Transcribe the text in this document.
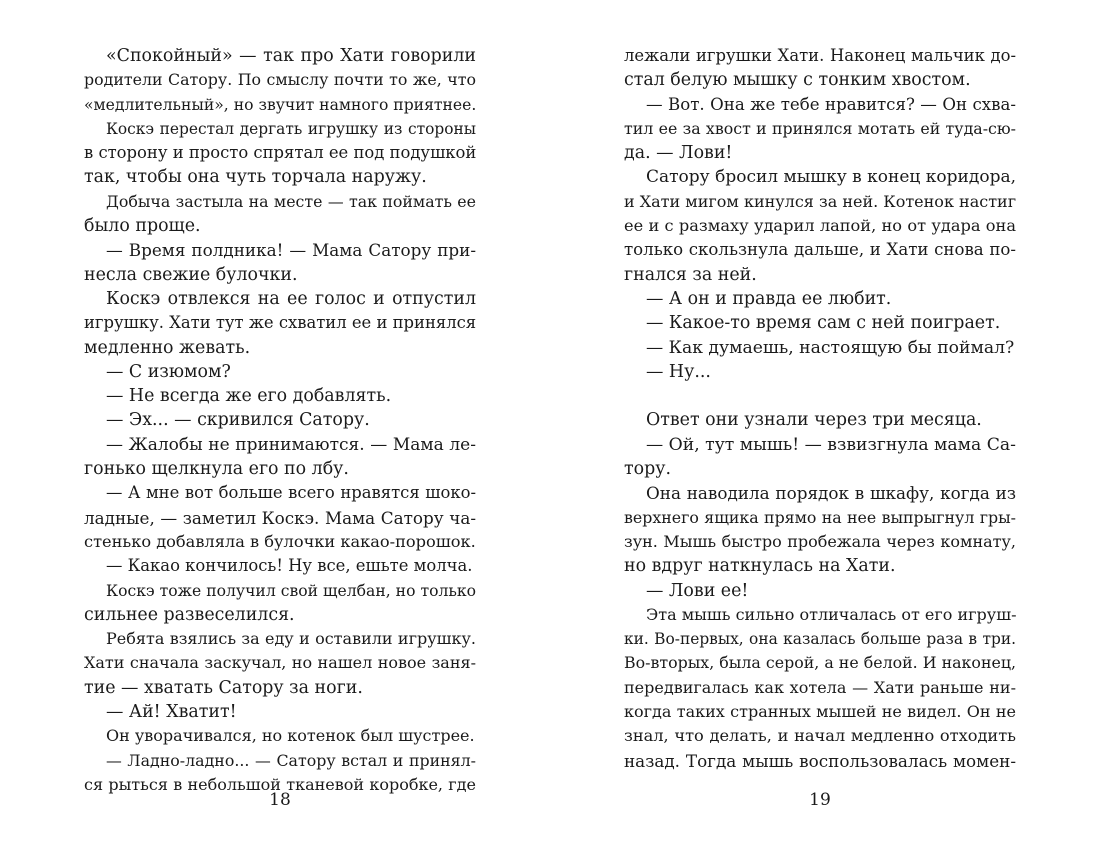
«Спокойный» — так про Хати говорили
родители Сатору. По смыслу почти то же, что
«медлительный», но звучит намного приятнее.
Коскэ перестал дергать игрушку из стороны
в сторону и просто спрятал ее под подушкой
так, чтобы она чуть торчала наружу.
Добыча застыла на месте — так поймать ее
было проще.
— Время полдника! — Мама Сатору при-
несла свежие булочки.
Коскэ отвлекся на ее голос и отпустил
игрушку. Хати тут же схватил ее и принялся
медленно жевать.
— С изюмом?
— Не всегда же его добавлять.
— Эх... — скривился Сатору.
— Жалобы не принимаются. — Мама ле-
гонько щелкнула его по лбу.
— А мне вот больше всего нравятся шоко-
ладные, — заметил Коскэ. Мама Сатору ча-
стенько добавляла в булочки какао-порошок.
— Какао кончилось! Ну все, ешьте молча.
Коскэ тоже получил свой щелбан, но только
сильнее развеселился.
Ребята взялись за еду и оставили игрушку.
Хати сначала заскучал, но нашел новое заня-
тие — хватать Сатору за ноги.
— Ай! Хватит!
Он уворачивался, но котенок был шустрее.
— Ладно-ладно... — Сатору встал и принял-
ся рыться в небольшой тканевой коробке, где
18
лежали игрушки Хати. Наконец мальчик до-
стал белую мышку с тонким хвостом.
— Вот. Она же тебе нравится? — Он схва-
тил ее за хвост и принялся мотать ей туда-сю-
да. — Лови!
Сатору бросил мышку в конец коридора,
и Хати мигом кинулся за ней. Котенок настиг
ее и с размаху ударил лапой, но от удара она
только скользнула дальше, и Хати снова по-
гнался за ней.
— А он и правда ее любит.
— Какое-то время сам с ней поиграет.
— Как думаешь, настоящую бы поймал?
— Ну...
Ответ они узнали через три месяца.
— Ой, тут мышь! — взвизгнула мама Са-
тору.
Она наводила порядок в шкафу, когда из
верхнего ящика прямо на нее выпрыгнул гры-
зун. Мышь быстро пробежала через комнату,
но вдруг наткнулась на Хати.
— Лови ее!
Эта мышь сильно отличалась от его игруш-
ки. Во-первых, она казалась больше раза в три.
Во-вторых, была серой, а не белой. И наконец,
передвигалась как хотела — Хати раньше ни-
когда таких странных мышей не видел. Он не
знал, что делать, и начал медленно отходить
назад. Тогда мышь воспользовалась момен-
19
